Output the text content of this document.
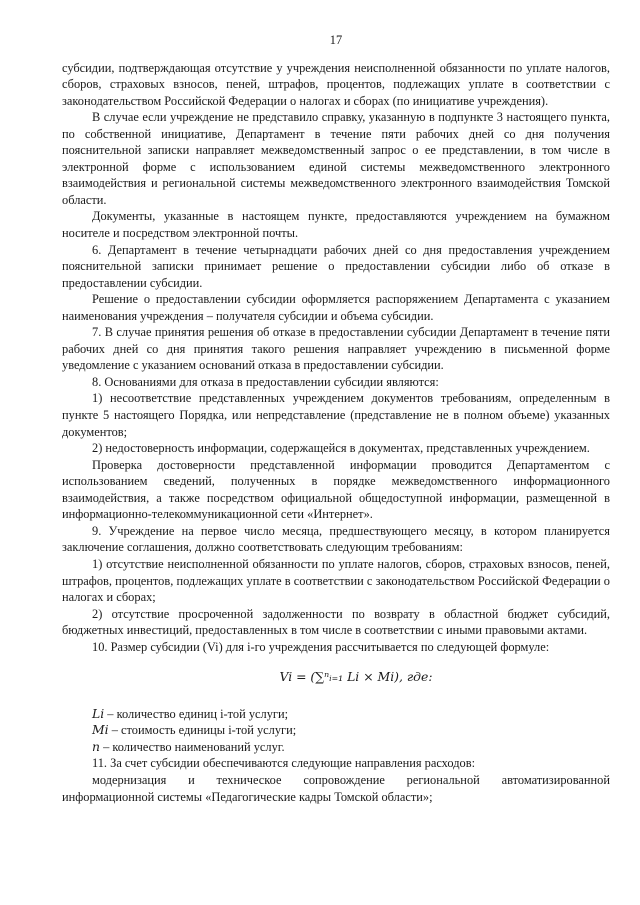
17

субсидии, подтверждающая отсутствие у учреждения неисполненной обязанности по уплате налогов, сборов, страховых взносов, пеней, штрафов, процентов, подлежащих уплате в соответствии с законодательством Российской Федерации о налогах и сборах (по инициативе учреждения).

В случае если учреждение не представило справку, указанную в подпункте 3 настоящего пункта, по собственной инициативе, Департамент в течение пяти рабочих дней со дня получения пояснительной записки направляет межведомственный запрос о ее представлении, в том числе в электронной форме с использованием единой системы межведомственного электронного взаимодействия и региональной системы межведомственного электронного взаимодействия Томской области.

Документы, указанные в настоящем пункте, предоставляются учреждением на бумажном носителе и посредством электронной почты.

6. Департамент в течение четырнадцати рабочих дней со дня предоставления учреждением пояснительной записки принимает решение о предоставлении субсидии либо об отказе в предоставлении субсидии.

Решение о предоставлении субсидии оформляется распоряжением Департамента с указанием наименования учреждения – получателя субсидии и объема субсидии.

7. В случае принятия решения об отказе в предоставлении субсидии Департамент в течение пяти рабочих дней со дня принятия такого решения направляет учреждению в письменной форме уведомление с указанием оснований отказа в предоставлении субсидии.

8. Основаниями для отказа в предоставлении субсидии являются:

1) несоответствие представленных учреждением документов требованиям, определенным в пункте 5 настоящего Порядка, или непредставление (представление не в полном объеме) указанных документов;

2) недостоверность информации, содержащейся в документах, представленных учреждением.

Проверка достоверности представленной информации проводится Департаментом с использованием сведений, полученных в порядке межведомственного информационного взаимодействия, а также посредством официальной общедоступной информации, размещенной в информационно-телекоммуникационной сети «Интернет».

9. Учреждение на первое число месяца, предшествующего месяцу, в котором планируется заключение соглашения, должно соответствовать следующим требованиям:

1) отсутствие неисполненной обязанности по уплате налогов, сборов, страховых взносов, пеней, штрафов, процентов, подлежащих уплате в соответствии с законодательством Российской Федерации о налогах и сборах;

2) отсутствие просроченной задолженности по возврату в областной бюджет субсидий, бюджетных инвестиций, предоставленных в том числе в соответствии с иными правовыми актами.

10. Размер субсидии (Vi) для i-го учреждения рассчитывается по следующей формуле:

Vi = (∑ⁿᵢ₌₁ Li × Mi), где:
Li – количество единиц i-той услуги;
Mi – стоимость единицы i-той услуги;
n – количество наименований услуг.

11. За счет субсидии обеспечиваются следующие направления расходов:

модернизация и техническое сопровождение региональной автоматизированной информационной системы «Педагогические кадры Томской области»;
